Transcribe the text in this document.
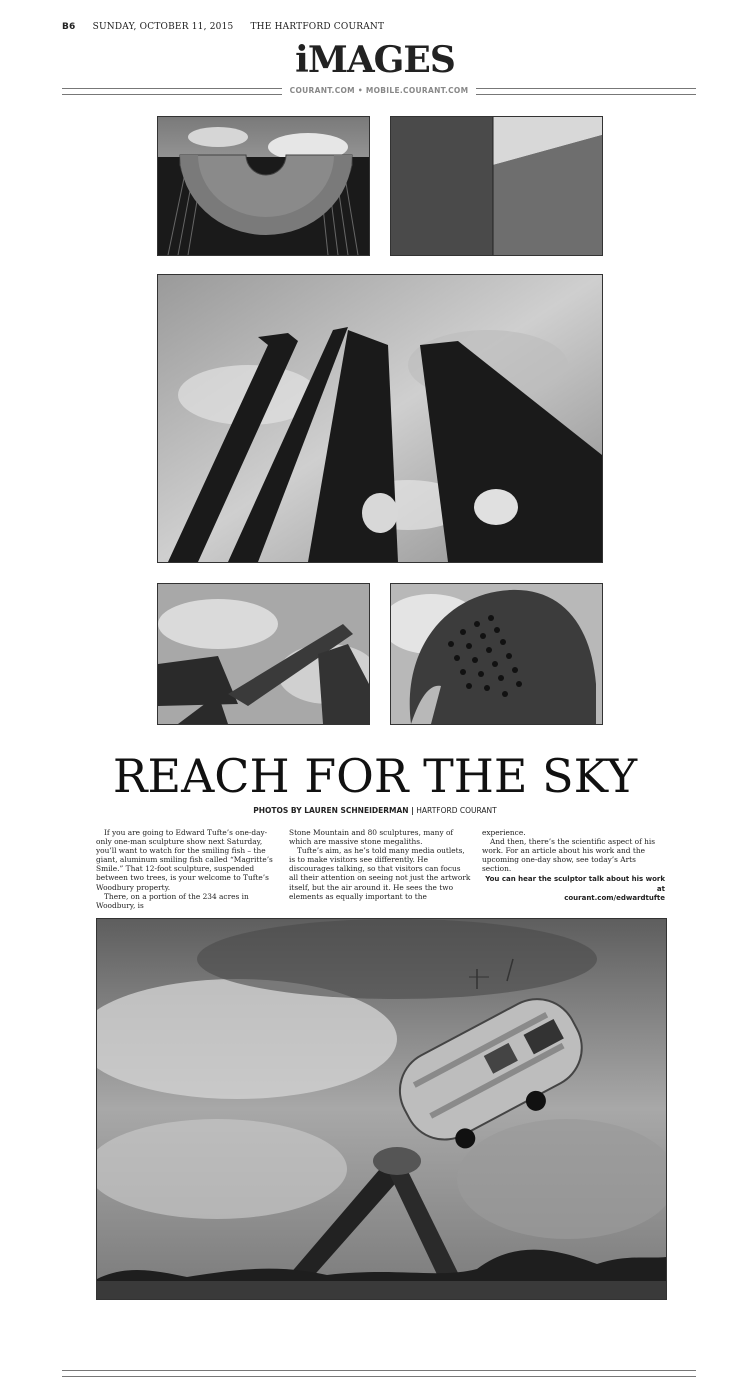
B6 SUNDAY, OCTOBER 11, 2015 THE HARTFORD COURANT
iMAGES
COURANT.COM • MOBILE.COURANT.COM
REACH FOR THE SKY
PHOTOS BY LAUREN SCHNEIDERMAN | HARTFORD COURANT

If you are going to Edward Tufte’s one-day-only one-man sculpture show next Saturday, you’ll want to watch for the smiling fish – the giant, aluminum smiling fish called “Magritte’s Smile.” That 12-foot sculpture, suspended between two trees, is your welcome to Tufte’s Woodbury property.

There, on a portion of the 234 acres in Woodbury, is

Stone Mountain and 80 sculptures, many of which are massive stone megaliths.

Tufte’s aim, as he’s told many media outlets, is to make visitors see differently. He discourages talking, so that visitors can focus all their attention on seeing not just the artwork itself, but the air around it. He sees the two elements as equally important to the

experience.

And then, there’s the scientific aspect of his work. For an article about his work and the upcoming one-day show, see today’s Arts section.

You can hear the sculptor talk about his work at

courant.com/edwardtufte
